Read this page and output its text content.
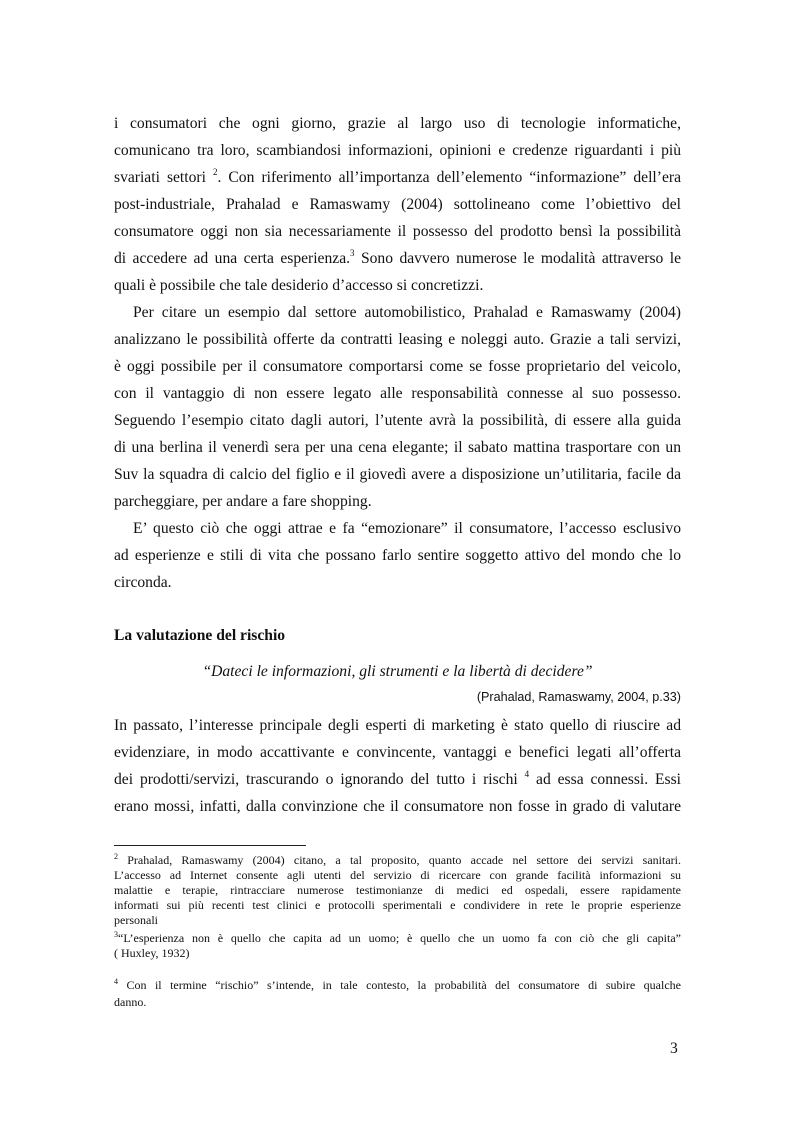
i consumatori che ogni giorno, grazie al largo uso di tecnologie informatiche,
comunicano tra loro, scambiandosi informazioni, opinioni e credenze riguardanti i più
svariati settori $^2$. Con riferimento all’importanza dell’elemento “informazione” dell’era
post-industriale, Prahalad e Ramaswamy (2004) sottolineano come l’obiettivo del
consumatore oggi non sia necessariamente il possesso del prodotto bensì la possibilità
di accedere ad una certa esperienza.$^3$ Sono davvero numerose le modalità attraverso le
quali è possibile che tale desiderio d’accesso si concretizzi.
Per citare un esempio dal settore automobilistico, Prahalad e Ramaswamy (2004)
analizzano le possibilità offerte da contratti leasing e noleggi auto. Grazie a tali servizi,
è oggi possibile per il consumatore comportarsi come se fosse proprietario del veicolo,
con il vantaggio di non essere legato alle responsabilità connesse al suo possesso.
Seguendo l’esempio citato dagli autori, l’utente avrà la possibilità, di essere alla guida
di una berlina il venerdì sera per una cena elegante; il sabato mattina trasportare con un
Suv la squadra di calcio del figlio e il giovedì avere a disposizione un’utilitaria, facile da
parcheggiare, per andare a fare shopping.
E’ questo ciò che oggi attrae e fa “emozionare” il consumatore, l’accesso esclusivo
ad esperienze e stili di vita che possano farlo sentire soggetto attivo del mondo che lo
circonda.
La valutazione del rischio
“Dateci le informazioni, gli strumenti e la libertà di decidere”
(Prahalad, Ramaswamy, 2004, p.33)
In passato, l’interesse principale degli esperti di marketing è stato quello di riuscire ad
evidenziare, in modo accattivante e convincente, vantaggi e benefici legati all’offerta
dei prodotti/servizi, trascurando o ignorando del tutto i rischi $^4$ ad essa connessi. Essi
erano mossi, infatti, dalla convinzione che il consumatore non fosse in grado di valutare
$^2$ Prahalad, Ramaswamy (2004) citano, a tal proposito, quanto accade nel settore dei servizi sanitari.
L’accesso ad Internet consente agli utenti del servizio di ricercare con grande facilità informazioni su
malattie e terapie, rintracciare numerose testimonianze di medici ed ospedali, essere rapidamente
informati sui più recenti test clinici e protocolli sperimentali e condividere in rete le proprie esperienze
personali
$^3$“L’esperienza non è quello che capita ad un uomo; è quello che un uomo fa con ciò che gli capita”
( Huxley, 1932)
$^4$ Con il termine “rischio” s’intende, in tale contesto, la probabilità del consumatore di subire qualche
danno.
3
